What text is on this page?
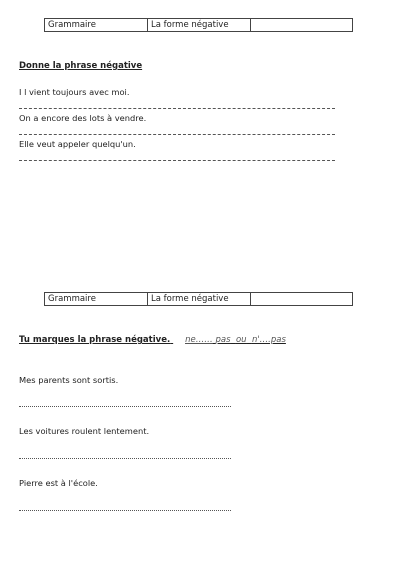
Grammaire	La forme négative
Donne la phrase négative
I l vient toujours avec moi.
On a encore des lots à vendre.
Elle veut appeler quelqu'un.
Grammaire	La forme négative
Tu marques la phrase négative. ne…… pas ou n'….pas
Mes parents sont sortis.
Les voitures roulent lentement.
Pierre est à l'école.
